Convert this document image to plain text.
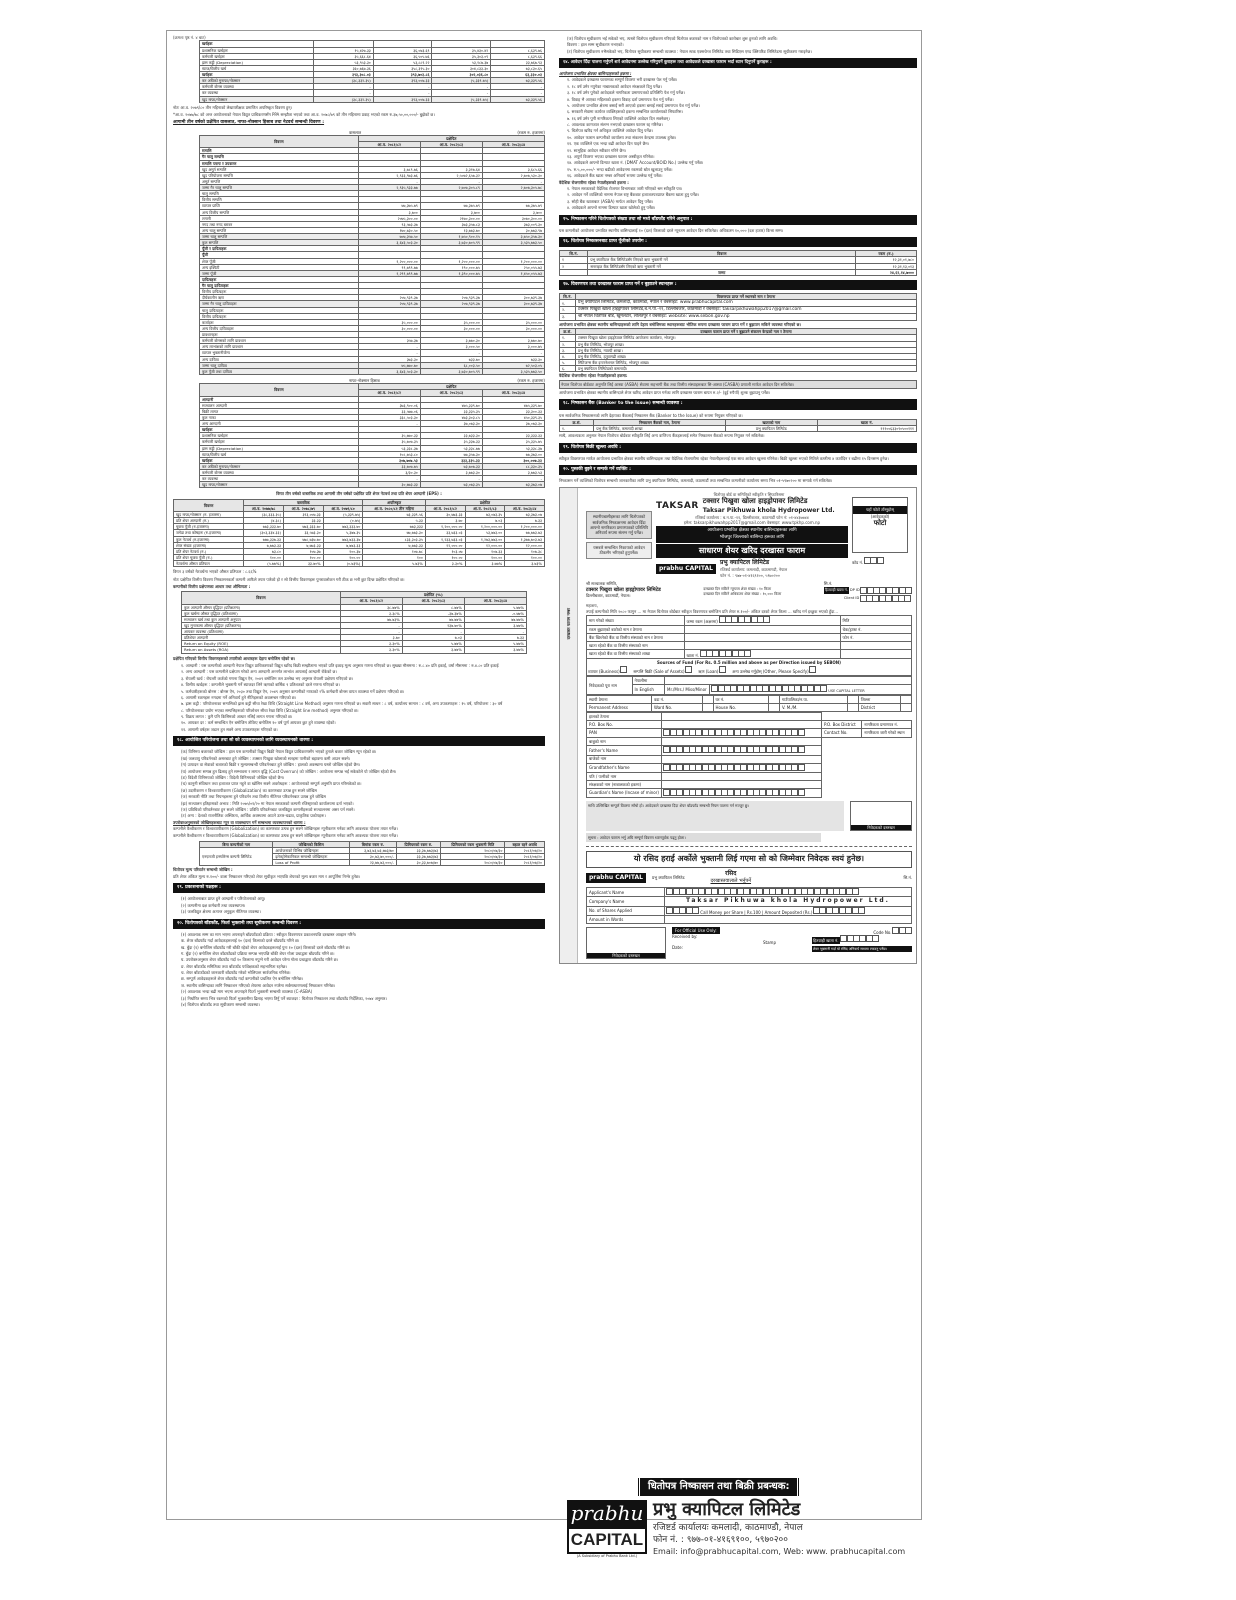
(क्रमशः पृष्ठ नं. ४ बाट)
खर्चहरू				
प्रशासनिक खर्चहरू	१५,४२७.३३	३६,०७३.६९	३५,४३०.४२	८,६३९.७६
कर्मचारी खर्चहरू	३५,६६८.६४	३६,५०५.७६	३५,३०३.०९	८,६३९.६६
ह्रास कट्टी (Depreciation)	५३,९५३.३०	५३,८८९.२२	५३,१८७.३७	३३,७६७.९३
ब्याज/वित्तीय खर्च	३६०,७६७.३६	३५८,३९५.३०	३०४,८३३.३०	७३,८३०.६५
खर्चहरू	३९३,३०८.०३	३९३,७०३.८६	३०२,०३६.८०	६३,३३०.०३
कर अघिको मुनाफा/नोक्सान	(३८,३३२.३५)	३९३,००७.३३	(५,३३९.७५)	७३,३३९.५६
कर्मचारी बोनस व्यवस्था	-	-	-	-
कर व्यवस्था	-	-	-	-
खुद नाफा/नोक्सान	(३८,३३२.३५)	३९३,००७.३३	(५,३३९.७५)	७३,३३९.५६
नोटः आ.व. २०७९/८० तीन महिनाको लेखापरीक्षक प्रमाणित अपरिष्कृत विवरण हुन्।
*आ.व. २०७७/७८ को अन्त आयोजनाको नेपाल विद्युत प्राधिकरणसँग PPA सम्झौता भएको तथा आ.व. २०७८/७९ को तीन महिनामा प्रवाह भएको रकम रु.३७,५०,००,०००/- बुझेको छ।
आगामी तीन वर्षको प्रक्षेपित वासलात, नाफा-नोक्सान हिसाब तथा नेटवर्थ सम्बन्धी विवरण :
वासलात	(रकम रु. हजारमा)
विवरण	प्रक्षेपित		
	आ.व. २०८१/८२	आ.व. २०८२/८३	आ.व. २०८३/८४
सम्पत्ति			
गैर चालु सम्पत्ति			
सम्पत्ति प्लान्ट र उपकरण			
खुद अमूर्त सम्पत्ति	३,७८९.७६	३,३१७.६४	३,६८५.६६
खुद परियोजना सम्पत्ति	२,९३३,९७३.७६	२,५०७२,६५७.३२	२,७०७,५३०.३०
अमूर्त सम्पत्ति	-	-	-
जम्मा गैर चालु सम्पत्ति	२,९३५,९३३.७७	२,७०७,३०५.८९	२,७०७,३०५.७८
चालु सम्पत्ति			
वित्तीय सम्पत्ति			
व्यापार प्राप्ति	७७,३७५.७९	७७,३७५.७९	७७,३७५.७९
अन्य वित्तीय सम्पत्ति	३,७००	३,७००	३,७००
लगानी	२०७५,३००.००	२१७०,३००.००	३०७०,३००.००
नगद तथा नगद बराबर	९३,५७३.३७	३७३,३५७.८३	३७३,००९.३०
अन्य चालु सम्पत्ति	१७०,७३०.५०	१३,७७३.७०	३०,७७३.९७
जम्मा चालु सम्पत्ति	७०७,३५७.५०	१,७५०,९००.१५	३,७५०,३५७.३०
कुल सम्पत्ति	३,६४३,५०३.३०	३,७३०,७०५.९९	३,५३५,७७३.५०
पूँजी र दायित्वहरू			
पूँजी			
शेयर पूँजी	१,२००,०००.००	१,२००,०००.००	१,२००,०००.००
अन्य इक्विटी	९९,७९९.७७	१९०,०००.७५	२५०,०५५.७३
जम्मा पूँजी	१,२९९,७९९.७७	१,३९०,०००.७५	१,४५०,०५५.७३
दायित्वहरू			
गैर चालु दायित्वहरू			
वित्तीय दायित्वहरू			
दीर्घकालीन ऋण	२०७,९३९.३७	२०७,९३९.३७	३००,७३९.३७
जम्मा गैर चालु दायित्वहरू	२०७,९३९.३७	२०७,९३९.३७	३००,७३९.३७
चालु दायित्वहरू			
वित्तीय दायित्वहरू			
कर्जाहरू	३५,०००.००	३५,०००.००	३५,०००.००
अन्य वित्तीय दायित्वहरू	३०,०००.००	३०,०००.००	३०,०००.००
प्रावधानहरू			
कर्मचारी बोनसको लागि प्रावधान	३५७.३७	३,७७०.३०	३,७७०.७०
अन्य लाभांशको लागि प्रावधान	-	३,०००.५०	३,०००.७५
व्यापार भुक्तानीयोग्य	-	-	-
अन्य दायित्व	३७३.३०	७३३.७०	७३३.३०
जम्मा चालु दायित्व	७५,७७०.७०	६८,००३.५०	७२,५०३.०५
कुल पूँजी तथा दायित्व	३,६४३,५०३.३०	३,७३०,७०५.९९	३,५३५,७७३.५०
नाफा-नोक्सान हिसाब	(रकम रु. हजारमा)
विवरण	प्रक्षेपित		
	आ.व. २०८१/८२	आ.व. २०८२/८३	आ.व. २०८३/८४
आम्दानी			
सञ्चालन आम्दानी	३७३,९००.०६	४७५,३३९.७०	४७५,३३९.७०
बिक्री लागत	३३,५७७.०६	३३,३३५.३५	३३,३००.३३
कुल नाफा	३३८,५०३.३०	४७३,३०३.८५	४५०,३३९.३५
अन्य आम्दानी	-	३७,०७३.३०	३७,०७३.३०
खर्चहरू			
प्रशासनिक खर्चहरू	३५,७७०.३३	३३,७३३.३०	३३,३३३.३३
कर्मचारी खर्चहरू	३५,७०७.३५	३५,३३७.३३	३५,३३५.७५
ह्रास कट्टी (Depreciation)	५३,३३८.३७	५३,३३८.७७	५३,३३८.३७
ब्याज/वित्तीय खर्च	१०८,७५३.८०	७७,३५७.३०	७७,३७३.००
खर्चहरू	३०७,७०७.५३	३३३,३३५.३३	३००,००७.३३
कर अघिको मुनाफा/नोक्सान	३३,७०७.७५	७३,७०७.३३	८८,३३०.३५
कर्मचारी बोनस व्यवस्था	३/३०.३०	३,७७३.३०	३,७७३.५३
कर व्यवस्था	-	-	-
खुद नाफा/नोक्सान	३०,७७३.३३	७३,०७३.३५	७३,३७३.०७
विगत तीन वर्षको वास्तविक तथा आगामी तीन वर्षको प्रक्षेपित प्रति शेयर नेटवर्थ तथा प्रति शेयर आम्दानी (EPS) :
विवरण	वास्तविक			अपरिष्कृत	प्रक्षेपित		
	आ.व. २०७७/७८	आ.व. २०७८/७९	आ.व. २०७९/८०	आ.व. २०८०/८१ तीन महिना	आ.व. २०८१/८२	आ.व. २०८२/८३	आ.व. २०८३/८४
खुद नाफा/नोक्सान (रु. हजारमा)	(३८,३३३.३५)	३९३,००७.३३	(५,३३९.७५)	७३,३३९.५६	३०,७७३.३३	७३,०७३.३५	७३,३७३.०७
प्रति शेयर आम्दानी (रु.)	(४.३८)	३३.३३	(०.७५)	५.३३	३.७०	७.०३	७.३३
चुक्ता पूँजी (रु.हजारमा)	७७३,३३३.७०	७७३,३३३.७०	७७३,३३३.७०	७७३,३३३	१,२००,०००.००	१,२००,०००.००	१,२००,०००.००
जगेडा तथा कोषहरू (रु.हजारमा)	(३०३,३३४.३३)	३३,५७३.३०	५,३७७.३५	७७,७७३.३०	३३,७३३.०३	५३,७७३.००	७७,७७३.७३
कुल नेटवर्थ (रु.हजारमा)	७७७,३३७.३३	७७८,७३७.७०	७७३,७३३.३७	८३३,३०३.३५	१,२३३,७३३.०३	१,२७३,७७३.००	१,३७७,७०३.७३
शेयर संख्या (हजारमा)	७,७७३.३३	७,७७३.३३	७,७७३.३३	७,७७३.३३	१२,०००.००	१२,०००.००	१२,०००.००
प्रति शेयर नेटवर्थ (रु.)	७३.८०	१०७.३७	१००.३७	१०७.७८	१०३.०७	१०७.३३	१०७.३८
प्रति शेयर चुक्ता पूँजी (रु.)	१००.००	१००.००	१००.००	१००	१००.००	१००.००	१००.००
नेटवर्थमा औसत प्रतिफल	(५.७७%)	३३.७०%	(०.७३%)	५.७३%	३.३०%	३.७७%	३.७३%
विगत ३ वर्षको नेटवर्थमा भएको औसत प्रतिफल : ८.६६%
नोटः प्रक्षेपित वित्तीय विवरण निष्कासनकर्ता कम्पनी आफैले तयार पारेको हो र सो वित्तीय विवरणहरू पुनरावलोकन गरी ठीक छ भनी छुट दिन्छ प्रक्षेपित गरिएको छ।
कम्पनीको वित्तीय प्रक्षेपणका आधार तथा औचित्यता :
विवरण	प्रक्षेपित (%)		
	आ.व. २०८१/८२	आ.व. २०८२/८३	आ.व. २०८३/८४
कुल आम्दानी औसत वृद्धिदर (प्रतिशतमा)	३८.७७%	८.७७%	५.७७%
कुल खर्चमा औसत वृद्धिदर (प्रतिशतमा)	३.३८%	-३७.३७%	-०.७७%
सञ्चालन खर्च तथा कुल आम्दानी अनुपात	७७.७३%	७७.७७%	७७.७७%
खुद मुनाफामा औसत वृद्धिदर (प्रतिशतमा)	-	१३७.७०%	३.७७%
आयकर व्यवस्था (प्रतिशतमा)	-	-	-
प्रतिशेयर आम्दानी	३.७०	७.०३	७.३३
Return on Equity (ROE)	३.३०%	५.७७%	५.७७%
Return on Assets (ROA)	३.३०%	३.७७%	३.७७%
प्रक्षेपित गरिएको वित्तीय विवरणहरूको तयारीको आधारहरू देहाय बमोजिम रहेको छ।
१. आम्दानी : यस कम्पनीको आम्दानी नेपाल विद्युत प्राधिकरणको विद्युत खरिद बिक्री सम्झौतामा भएको प्रति इकाइ मूल्य अनुसार गणना गरिएको छ। सुख्खा मौसममा : रु.८.४० प्रति इकाई, वर्षा मौसममा : रु.४.८० प्रति इकाई
२. अन्य आम्दानी : यस कम्पनीले प्रक्षेपण गरेको अन्य आम्दानी अन्तर्गत लाभांश आयलाई आम्दानी रोकेको छ।
३. रोयल्टी खर्च : रोयल्टी कर्जको गणना विद्युत ऐन, २०४९ बमोजिम तल उल्लेख भए अनुसार रोयल्टी प्रक्षेपण गरिएको छ।
४. वित्तीय खर्चहरू : कम्पनीले भुक्तानी गर्ने ब्याजदर लिने ऋणको बार्षिक ९ प्रतिशतको दरले गणना गरिएको छ।
५. कर्मचारीहरूको बोनस : बोनस ऐन, २०३० तथा विद्युत ऐन, २०४९ अनुसार कम्पनीको नाफाको २% कर्मचारी बोनस वापत व्यवस्था गर्ने प्रक्षेपण गरिएको छ।
६. आगामी रकमहरू नगदमा गर्ने अनिवार्य हुने नीतिहरूको अवलम्बन गरिएको छ।
७. ह्रास कट्टी : परियोजनाका सम्पत्तिको ह्रास कट्टी सीधा रेखा विधि (Straight Line Method) अनुसार गणना गरिएको छ। सवारी साधन : ८ वर्ष, कार्यालय सामान : ८ वर्ष, अन्य उपकरणहरू : १५ वर्ष, परियोजना : ३० वर्ष
८. परियोजनाका प्रयोग भएका सम्पत्तिहरूको परिशोधन सीधा रेखा विधि (Straight line method) अनुसार गरिएको छ।
९. विक्रय लागत : कुनै पनि किसिमको आधार नलिई लागत गणना गरिएको छ।
१०. आयकर दर : कर्म सम्बन्धित ऐन बमोजिम तोकिए बमोजिम १० वर्ष पूर्ण आयकर छुट हुने व्यवस्था रहेको।
११. आगामी वर्षहरू जडान हुन सक्ने अन्य उपकरणहरू गरिएको छ।
१८. आयोजित परियोजना तथा सो को व्यवस्थापनको लागि व्यवस्थापनको धारणा :
(क) विनिमय बजारको जोखिम : हाल यस कम्पनीको विद्युत बिक्री नेपाल विद्युत प्राधिकरणसँग भएको हुनाले बजार जोखिम न्यून रहेको छ।
(ख) जलवायु परिवर्तनको असरबाट हुने जोखिम : टक्सार पिखुवा खोलाको सतहमा पानीको बहावमा कमी आउन सक्ने।
(ग) उत्पादन वा सेवाको बजारको बिक्री र मूल्यसम्बन्धी परिवर्तनबाट हुने जोखिम : हालको अवस्थामा यस्तो जोखिम रहेको छैन।
(घ) आयोजना सम्पन्न हुन ढिलाइ हुने सम्भावना र लागत वृद्धि (Cost Overrun) को जोखिम : आयोजना सम्पन्न भई सकेकोले यो जोखिम रहेको छैन।
(ङ) विदेशी विनिमयको जोखिम : विदेशी विनिमयको जोखिम रहेको छैन।
(च) कानुनी संविधान तथा इजाजत प्राप्त नहुने वा खोसिन सक्ने अवरोधहरू : आयोजनाको सम्पूर्ण अनुमति प्राप्त गरिसकेको छ।
(छ) उदारीकरण र विश्वव्यापीकरण (Globalization) का कारणबाट उत्पन्न हुन सक्ने जोखिम
(ज) सरकारी नीति तथा नियमहरूमा हुने परिवर्तन तथा वित्तीय नीतिगत परिवर्तनबाट उत्पन्न हुने जोखिम
(झ) सञ्चालन इतिहासको अभाव : मिति २०७५/०१/२० मा नेपाल सरकारको कम्पनी रजिस्ट्रारको कार्यालयमा दर्ता भएको।
(ञ) प्रविधिको परिवर्तनबाट हुन सक्ने जोखिम : प्रविधि परिवर्तनबाट जलविद्युत कम्पनीहरूको सञ्चालनमा असर पर्न सक्ने।
(ट) अन्य : देशको राजनीतिक अस्थिरता, आर्थिक अवस्थामा आउने उतार-चढाव, प्राकृतिक प्रकोपहरू।
उपरोक्तअनुसारको जोखिमहरूबाट न्यून वा व्यवस्थापन गर्ने सम्बन्धमा व्यवस्थापनको धारणा :
कम्पनीले वैश्वीकरण र विश्वव्यापीकरण (Globalization) का कारणबाट उत्पन्न हुन सक्ने जोखिमहरू न्यूनीकरण गर्नका लागि आवश्यक योजना तयार गर्नेछ।
कम्पनीले वैश्वीकरण र विश्वव्यापीकरण (Globalization) का कारणबाट उत्पन्न हुन सक्ने जोखिमहरू न्यूनीकरण गर्नका लागि आवश्यक योजना तयार गर्नेछ।
बिमा कम्पनीको नाम	जोखिमको किसिम	बिमांक रकम रु.	प्रिमियमको रकम रु.	प्रिमियमको रकम भुक्तानी मिति	बहाल रहने अवधि
एनएलजी इन्स्योरेन्स कम्पनी लिमिटेड	आयोजनाको विभिन्न जोखिमहरू	३,७३,७३,७३,७७३/७०	३३,३७,७७३/७३	२०८०/०७/३०	२०८१/०७/२०
	इलेक्ट्रोमेकानिकल सम्बन्धी जोखिमहरू	३०,७३,७०,०००/-	३३,३७,७७३/७३	२०८०/०७/३०	२०८१/०७/२०
	Loss of Profit	२३,७७,७३,०००/-	३०,३३,७०७/७०	२०८०/०७/३०	२०८१/०७/२०
धितोपत्र मूल्य परिवर्तन सम्बन्धी जोखिम :
प्रति शेयर अंकित मूल्य रु.१००/- वाला निष्काशन गरिएको शेयर सूचीकृत भएपछि शेयरको मूल्य बजार माग र आपूर्तिमा निर्भर हुनेछ।
१९. प्रकाशनाको पक्षहरू :
(१) आयोजनाबाट प्राप्त हुने आम्दानी र परियोजनाको आयु।
(२) कम्पनीमा दक्ष कर्मचारी तथा व्यवस्थापन।
(३) जलविद्युत क्षेत्रमा अत्यन्त अनुकूल नीतिगत व्यवस्था।
२०. धितोपत्रको बाँडफाँड, फिर्ता भुक्तानी तथा सूचीकरण सम्बन्धी विवरण :
(१) आवश्यक सम्म का माग भएमा अपनाइने बाँडफाँडको प्रक्रिया : स्वीकृत विवरणपत्र प्रकाशनपछि दरखास्त आव्हान गरिने।
क. शेयर बाँडफाँड गर्दा आवेदकहरूलाई १० (दश) कित्ताको दरले बाँडफाँड गरिने छ।
ख. बुँदा (१) बमोजिम बाँडफाँड गरी बाँकी रहेको शेयर आवेदकहरूलाई पुनः १० (दश) कित्ताको दरले बाँडफाँड गरिने छ।
ग. बुँदा (२) बमोजिम शेयर बाँडफाँडको प्रक्रिया सम्पन्न भएपछि बाँकी शेयर गोला प्रथाद्वारा बाँडफाँड गरिने छ।
घ. उपरोक्तअनुसार शेयर बाँडफाँड गर्दा १० कित्तामा नपुग्ने गरी आवेदन परेमा गोला प्रथाद्वारा बाँडफाँड गरिने छ।
ङ. शेयर बाँडफाँड समितिका तथा बाँडफाँड पर्यवेक्षकको सहभागिता रहनेछ।
च. शेयर बाँडफाँडको जानकारी बाँडफाँड गरेको भोलिपल्ट सार्वजनिक गरिनेछ।
छ. सम्पूर्ण आवेदकहरूले शेयर बाँडफाँड गर्दा कम्पनीको प्रचलित ऐन बमोजिम गरिनेछ।
ज. स्थानीय बासिन्दाका लागि निष्काशन गरिएको शेयरमा आवेदन नपरेमा सर्वसाधारणलाई निष्काशन गरिनेछ।
(२) आवश्यक भन्दा बढी माग भएमा अपनाइने फिर्ता भुक्तानी सम्बन्धी व्यवस्था (C-ASBA)
(३) निर्धारित समय भित्र रकमको फिर्ता भुक्तानीमा ढिलाइ भएमा तिर्नु पर्ने ब्याजदर : धितोपत्र निष्काशन तथा बाँडफाँड निर्देशिका, २०७४ अनुसार।
(४) धितोपत्र बाँडफाँड तथा सूचीकरण सम्बन्धी व्यवस्था।
(ञ) धितोपत्र सूचीकरण भई सकेको भए, त्यस्तो धितोपत्र सूचीकरण गरिएको धितोपत्र बजारको नाम र धितोपत्रको कारोबार शुरू हुनको लागि अवधि।
विवरण : हाल सम्म सूचीकरण नभएको।
(ट) धितोपत्र सूचीकरण नभैसकेको भए, धितोपत्र सूचीकरण सम्बन्धी व्यवस्था : नेपाल स्टक एक्सचेन्ज लिमिटेड तथा सिडिएस एण्ड क्लियरिङ लिमिटेडमा सूचीकरण गराइनेछ।
१४. आवेदन दिँदा पालना गर्नुपर्ने शर्त आवेदनमा उल्लेख गरिनुपर्ने कुराहरू तथा आवेदकले दरखास्त फाराम भर्दा ध्यान दिनुपर्ने कुराहरू :
आयोजना प्रभावित क्षेत्रका बासिन्दाहरूको हकमा :
१. आवेदकले दरखास्त फारामका सम्पूर्ण विवरण भरी दरखास्त पेश गर्नु पर्नेछ।
२. १८ वर्ष उमेर नपुगेका नाबालकको आवेदन संरक्षकले दिनु पर्नेछ।
३. १८ वर्ष उमेर पुगेको आवेदकले नागरिकता प्रमाणपत्रको प्रतिलिपि पेश गर्नु पर्नेछ।
४. विवाह भै आएका महिलाको हकमा विवाह दर्ता प्रमाणपत्र पेश गर्नु पर्नेछ।
५. आयोजना प्रभावित क्षेत्रमा बसाईं सरी आएको हकमा बसाई सराई प्रमाणपत्र पेश गर्नु पर्नेछ।
६. सरकारी सेवामा कार्यरत व्यक्तिहरूको हकमा सम्बन्धित कार्यालयको सिफारिस।
७. १६ वर्ष उमेर पुगी नागरिकता लिएको व्यक्तिले आवेदन दिन सक्नेछन्।
८. आवश्यक कागजात संलग्न नभएको दरखास्त फाराम रद्द गरिनेछ।
९. धितोपत्र खरिद गर्न अधिकृत व्यक्तिले आवेदन दिनु पर्नेछ।
१०. आवेदन फाराम कम्पनीको कार्यालय तथा संकलन केन्द्रमा उपलब्ध हुनेछ।
११. एक व्यक्तिले एक भन्दा बढी आवेदन दिन पाइने छैन।
१२. सामूहिक आवेदन स्वीकार गरिने छैन।
१३. अपूर्ण विवरण भएका दरखास्त फाराम अस्वीकृत गरिनेछ।
१४. आवेदकले आफ्नो डिम्याट खाता नं. (DMAT Account/BOID No.) उल्लेख गर्नु पर्नेछ।
१५. रु.५,००,०००/- भन्दा बढीको आवेदनमा रकमको स्रोत खुलाउनु पर्नेछ।
१६. आवेदकले बैंक खाता नम्बर अनिवार्य रूपमा उल्लेख गर्नु पर्नेछ।
वैदेशिक रोजगारीमा रहेका नेपालीहरूको हकमा :
१. नेपाल सरकारको वैदेशिक रोजगार विभागबाट जारी गरिएको श्रम स्वीकृति पत्र।
२. आवेदन गर्ने व्यक्तिको नाममा नेपाल राष्ट्र बैंकबाट इजाजतपत्रप्राप्त बैंकमा खाता हुनु पर्नेछ।
३. सोही बैंक खाताबाट (ASBA) मार्फत आवेदन दिनु पर्नेछ।
४. आवेदकले आफ्नो नाममा डिम्याट खाता खोलेको हुनु पर्नेछ।
१५. निष्कासन गरिने धितोपत्रको संख्या तथा सो मध्ये बाँडफाँड गरिने अनुपात :
यस कम्पनीको आयोजना प्रभावित स्थानीय बासिन्दालाई १० (दश) कित्ताको दरले न्यूनतम आवेदन दिन सकिनेछ। अधिकतम १०,००० (दश हजार) कित्ता सम्म।
१६. धितोपत्र निष्कासनबाट प्राप्त पूँजीको उपयोग :
सि.नं.	विवरण	रकम (रु.)
१	प्रभु क्यापिटल बैंक लिमिटेडसँग लिएको ऋण भुक्तानी गर्ने	१२,३१,०१,७८०
२	सनराइज बैंक लिमिटेडसँग लिएको ऋण भुक्तानी गर्ने	१२,३१,१३,०१३
	जम्मा	२४,६२,१४,७०००
१७. विवरणपत्र तथा दरखास्त फाराम प्राप्त गर्ने र बुझाउने स्थानहरू :
सि.नं.	विवरणपत्र प्राप्त गर्ने स्थानको नाम र ठेगाना
१.	प्रभु क्यापिटल लिमिटेड, कमलादी, काठमाडौं, नेपाल र वेबसाइट: www.prabhucapital.com
२.	टक्सार पिखुवा खोला हाइड्रोपावर लिमिटेड,ब.न.पा.-११, डिल्लीबजार, काठमाडौं र वेबसाइट: taksarpikhuwahpp2017@gmail.com
३.	श्री नेपाल धितोपत्र बोर्ड, खुमलटार, ललितपुर र वेबसाइट: website: www.sebon.gov.np
आयोजना प्रभावित क्षेत्रका स्थानीय बासिन्दाहरूको लागि देहाय बमोजिमका स्थानहरूबाट भौतिक रूपमा दरखास्त फाराम प्राप्त गर्ने र बुझाउन सकिने व्यवस्था गरिएको छ।
क्र.सं.	दरखास्त फाराम प्राप्त गर्ने र बुझाउने संकलन केन्द्रको नाम र ठेगाना
१.	टक्सार पिखुवा खोला हाइड्रोपावर लिमिटेड आयोजना कार्यालय, भोजपुर।
२.	प्रभु बैंक लिमिटेड, भोजपुर शाखा।
३.	प्रभु बैंक लिमिटेड, ग्याल्दी शाखा।
४.	प्रभु बैंक लिमिटेड, हतुवागढी शाखा।
५.	सिटिजन्स बैंक इन्टरनेशनल लिमिटेड, भोजपुर शाखा।
६.	प्रभु क्यापिटल लिमिटेडको कमलादी।
वैदेशिक रोजगारीमा रहेका नेपालीहरूको हकमा:
नेपाल धितोपत्र बोर्डबाट अनुमति लिई आस्वा (ASBA) सेवामा सहभागी बैंक तथा वित्तीय संस्थाहरूबाट सि-आस्वा (CASBA) प्रणाली मार्फत आवेदन दिन सकिनेछ।
आयोजना प्रभावित क्षेत्रका स्थानीय बासिन्दाले शेयर खरिद आवेदन प्राप्त गर्नका लागि दरखास्त फाराम बापत रु.२/- (दुई रुपैयाँ) शुल्क बुझाउनु पर्नेछ।
१८. निष्कासन बैंक (Banker to the Issue) सम्बन्धी व्यवस्था :
यस सार्वजनिक निष्कासनको लागि देहायका बैंकलाई निष्कासन बैंक (Banker to the Issue) को रूपमा नियुक्त गरिएको छ।
क्र.सं.	निष्कासन बैंकको नाम, ठेगाना	खाताको नाम	खाता नं.
१.	प्रभु बैंक लिमिटेड, कमलादी शाखा	प्रभु क्यापिटल लिमिटेड	१११००६३३०९०५००१११
साथै, आवश्यकता अनुसार नेपाल धितोपत्र बोर्डबाट स्वीकृति लिई अन्य वाणिज्य बैंकहरूलाई समेत निष्कासन बैंकको रूपमा नियुक्त गर्न सकिनेछ।
१९. धितोपत्र बिक्री खुल्ला अवधि :
स्वीकृत विवरणपत्र मार्फत आयोजना प्रभावित क्षेत्रका स्थानीय बासिन्दाहरू तथा वैदेशिक रोजगारीमा रहेका नेपालीहरूलाई एक साथ आवेदन खुल्ला गरिनेछ। बिक्री खुल्ला भएको मितिले कम्तीमा ४ कार्यदिन र बढीमा १५ दिनसम्म हुनेछ।
२०. पुस्तकी बुझ्ने र सम्पर्क गर्ने व्यक्तिः :
निष्कासन गर्ने व्यक्तिको धितोपत्र सम्बन्धी जानकारीका लागि प्रभु क्यापिटल लिमिटेड, कमलादी, काठमाडौं तथा सम्बन्धित कम्पनीको कार्यालय समय भित्र ०१-५९७०२०० मा सम्पर्क गर्न सकिनेछ।
दरखास्त फाराम नम्बर
धितोपत्र बोर्ड वा समितिको स्वीकृति र सिफारिसमा
स्थानीयबासीहरूका लागि धितोपत्रको सार्वजनिक निष्काशनमा आवेदन दिँदा आफ्नो नागरिकता प्रमाणपत्रको प्रतिलिपि अनिवार्य रूपमा संलग्न गर्नु पर्नेछ।
यसबारे सम्बन्धित निकायको आवेदन ठीकसँग भरिएको हुनुपर्नेछ।
TAKSAR टक्सार पिखुवा खोला हाइड्रोपावर लिमिटेड
Taksar Pikhuwa khola Hydropower Ltd.
रजिष्टर्ड कार्यालय : ब.न.पा.-११, डिल्लीबजार, काठमाडौं फोन नं: ०१-४४३७७४४
इमेल: taksarpikhuwahpp2017@gmail.com वेबसाइट: www.tpkhp.com.np
आयोजना प्रभावित क्षेत्रका स्थानीय बासिन्दाहरूका लागि
भोजपुर जिल्लाको बासिन्दा हरूका लागि
साधारण शेयर खरिद दरखास्त फाराम
prabhu CAPITAL
प्रभु क्यापिटल लिमिटेड
रजिष्टर्ड कार्यालय: कमलादी, काठमाण्डौ, नेपाल
फोन नं. : ९७७-०१-४१६९१००, ५९७०२००
यहाँ फोटो टाँस्नुहोस्
(आवेदकको)
फोटो
कोड नं.
श्री सञ्चालक समिति,
टक्सार पिखुवा खोला हाइड्रोपावर लिमिटेड
डिल्लीबजार, काठमाडौं, नेपाल।
दरखास्त दिन सकिने न्यूनतम शेयर संख्या : १० कित्ता
दरखास्त दिन सकिने अधिकतम शेयर संख्या : १०,००० कित्ता
सि.नं.
हितग्राही खाता नं. DP ID
Client ID
महाशय,
तपाईं कम्पनीको मिति २०८० फागुन ... मा नेपाल धितोपत्र बोर्डबाट स्वीकृत विवरणपत्र बमोजिम प्रति शेयर रु.१००/- अंकित दरको शेयर कित्ता ... खरिद गर्न इच्छुक भएको हुँदा...
माग गरेको संख्या	जम्मा रकम (अक्षरमा)	मिति
रकम बुझाएको बाटोको नाम र ठेगाना		चेक/ड्राफ्ट नं.
बैंक खिच्नेको बैंक वा वित्तीय संस्थाको नाम र ठेगाना		फोन नं.
खाता रहेको बैंक वा वित्तीय संस्थाको नाम		
खाता रहेको बैंक वा वित्तीय संस्थाको शाखा	खाता नं.

Sources of Fund (For Rs. 0.5 million and above as per Direction issued by SEBON)
व्यापार (Business)	सम्पत्ति बिक्री (Sale of Assets)	ऋण (Loan)	अन्य उल्लेख गर्नुहोस् (Other, Please Specify)
निवेदकको पूरा नाम	नेपालीमा		
	In English	Mr./Mrs./ Miss/Minor	USE CAPITAL LETTER
स्थायी ठेगाना	वडा नं.		घर नं.		गाउँपालिका/न.पा.		जिल्ला	
Permanent Address	Ward No.		House No.		V. M./M.		District	
हालको ठेगाना			
P.O. Box No.		P.O. Box District	नागरिकता प्रमाणपत्र नं.
PAN		Contact No.	नागरिकता जारी गरेको स्थान
बाबुको नाम			
Father's Name			

बाजेको नाम			
Grandfather's Name			

पति / पत्नीको नाम			
संरक्षकको नाम (नाबालकको हकमा)			
Guardian's Name (Incase of minor)			
माथि उल्लिखित सम्पूर्ण विवरण साँचो हो। आवेदकले दरखास्त दिंदा शेयर बाँडफाँड सम्बन्धी नियम पालना गर्न मञ्जुर छु।
निवेदकको दस्तखत
सूचना : आवेदन फाराम भर्नु अघि सम्पूर्ण विवरण ध्यानपूर्वक पढ्नु होला।
यो रसिद हराई अर्कोले भुक्तानी लिई गएमा सो को जिम्मेवार निवेदक स्वयं हुनेछ।
prabhu CAPITAL	प्रभु क्यापिटल लिमिटेड
रसिद
दरखास्तवालाले भर्नुपर्ने
सि.नं.
Applicant's Name	

Company's Name	Taksar Pikhuwa khola Hydropower Ltd.
No. of Shares Applied	Call Money per Share | Rs.100 | Amount Deposited (Rs.)

Amount in Words	
निवेदकको दस्तखत
For Official Use Only:
Received by:
Stamp
Date:
Code No.
हितग्राही खाता नं.
शेयर भुक्तानी गर्दा यो रसिद अनिवार्य साथमा ल्याउनु पर्नेछ।
धितोपत्र निष्कासन तथा बिक्री प्रबन्धक:
prabhu
CAPITAL
(A Subsidiary of Prabhu Bank Ltd.)
प्रभु क्यापिटल लिमिटेड
रजिष्टर्ड कार्यालयः कमलादी, काठमाण्डौ, नेपाल
फोन नं. : ९७७-०१-४१६९१००, ५९७०२००
Email: info@prabhucapital.com, Web: www. prabhucapital.com
